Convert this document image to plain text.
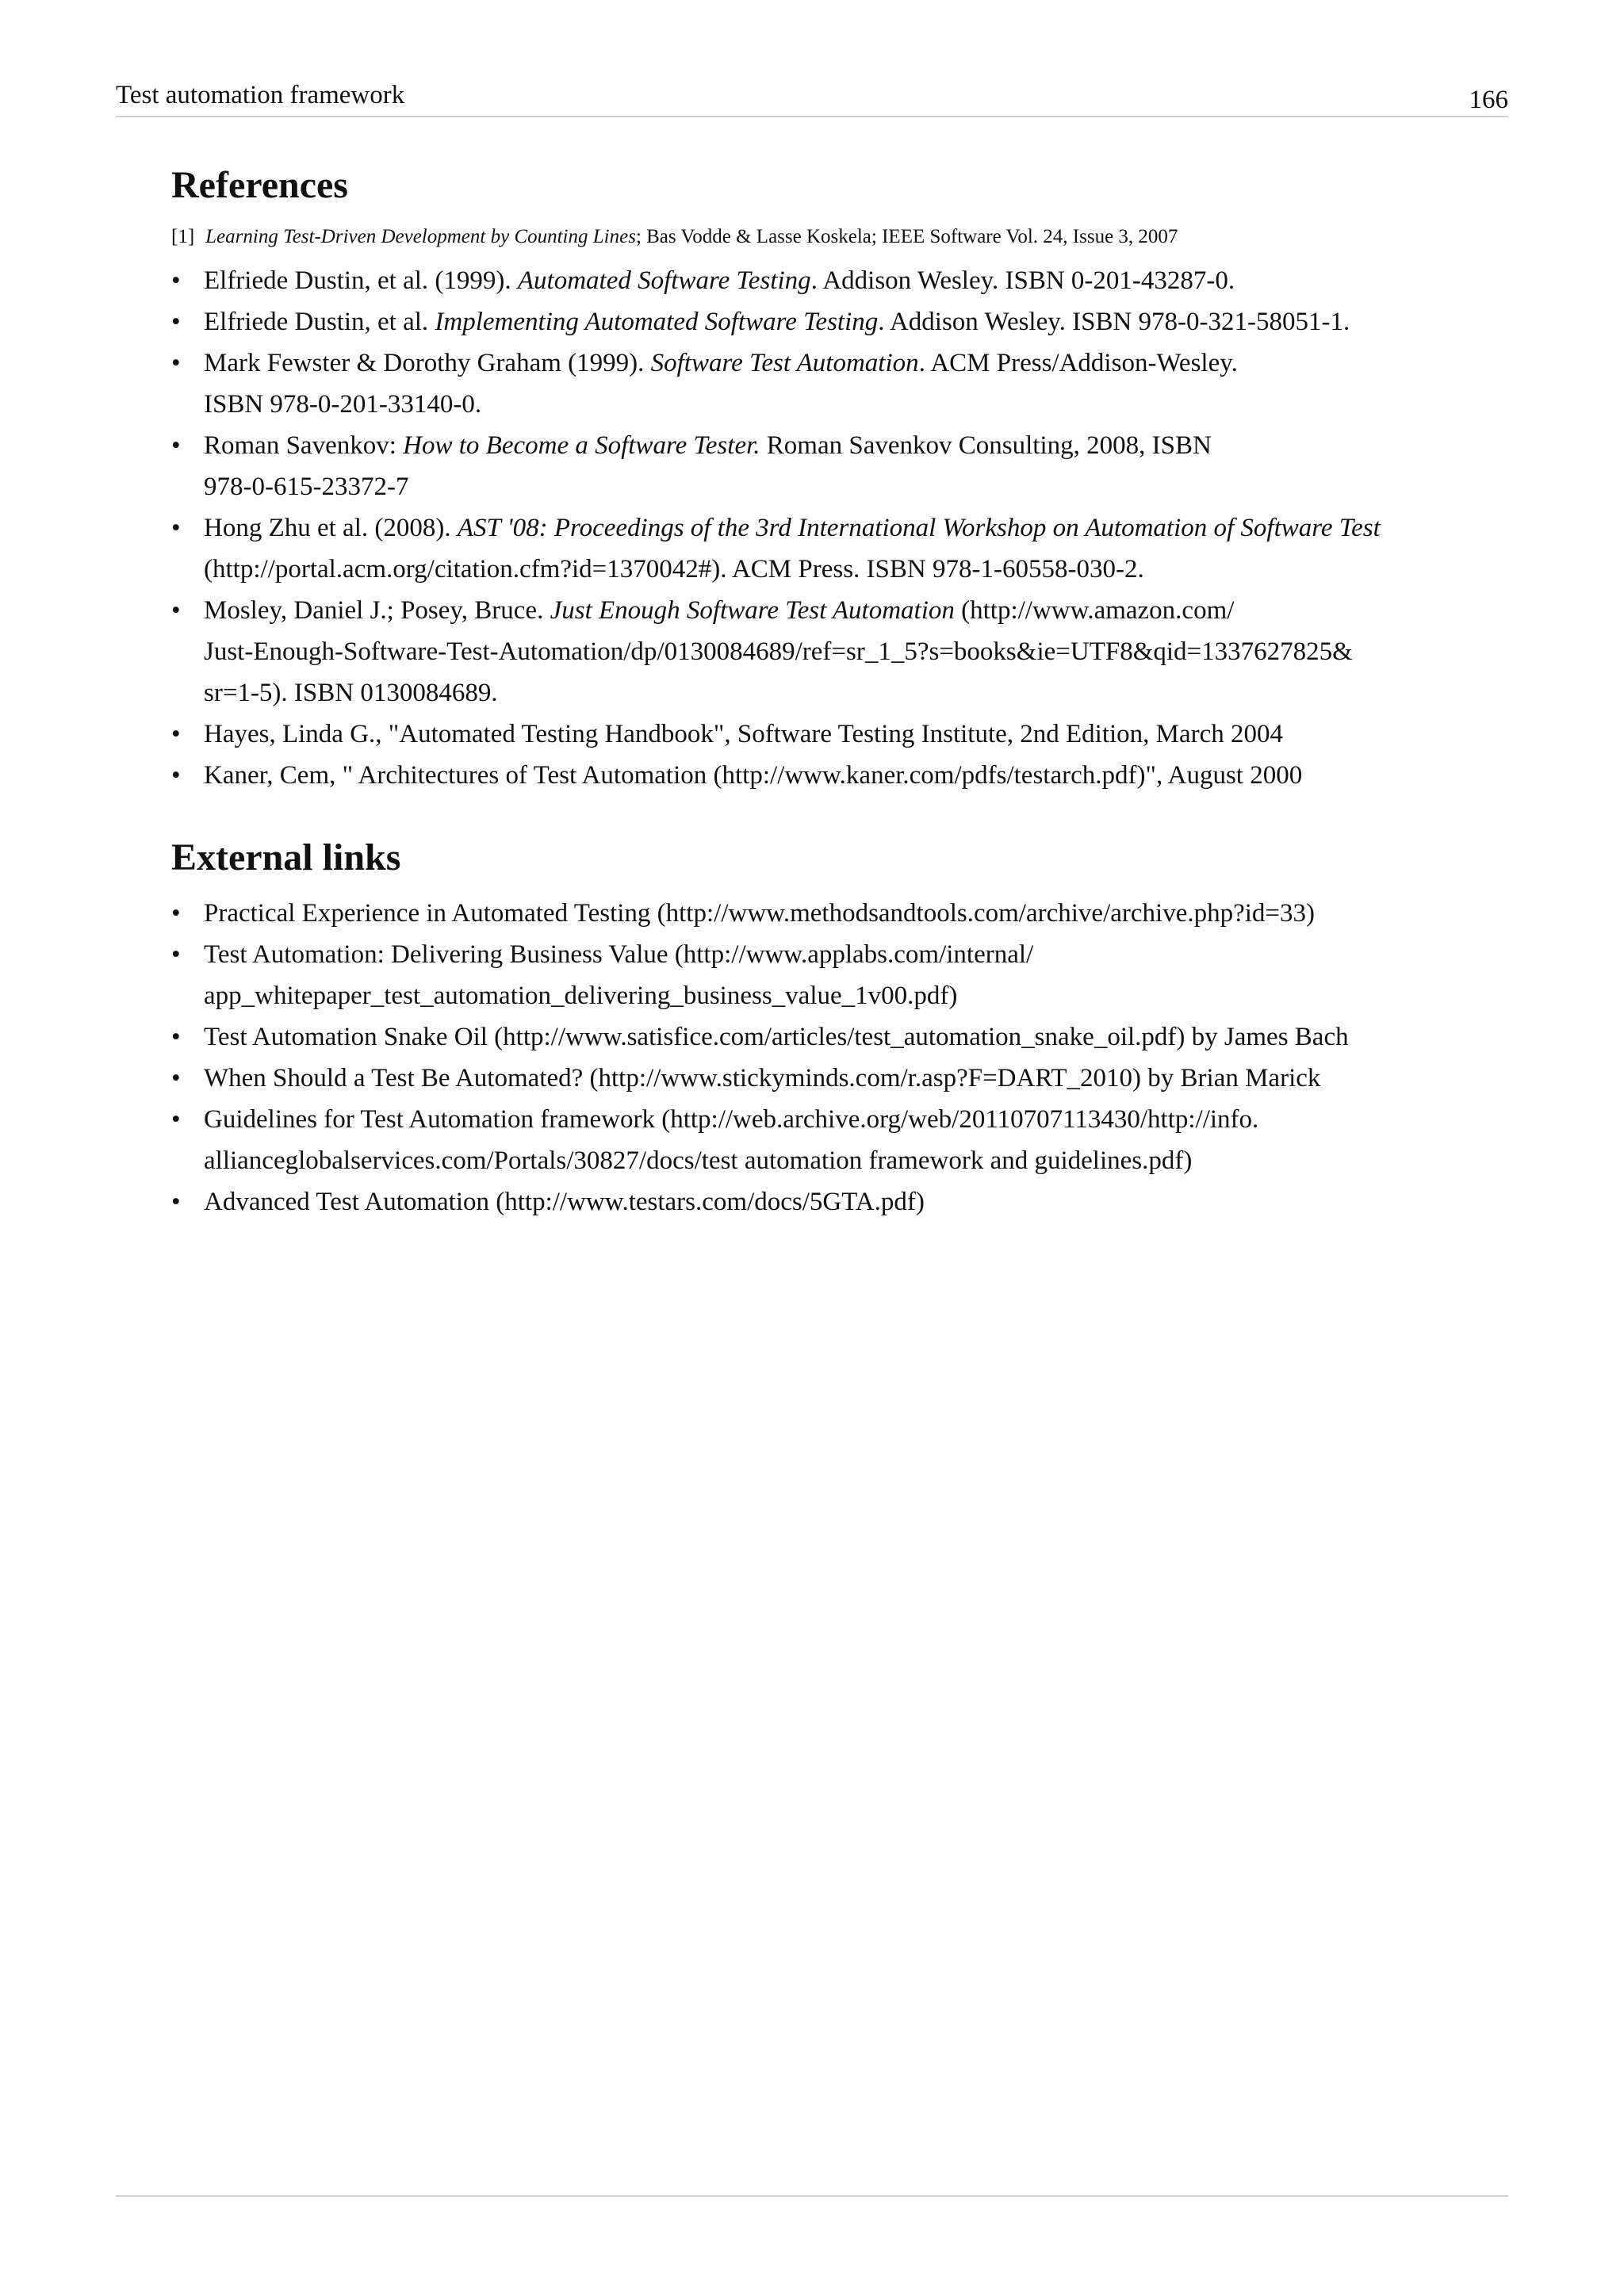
Test automation framework	166
References
[1] Learning Test-Driven Development by Counting Lines; Bas Vodde & Lasse Koskela; IEEE Software Vol. 24, Issue 3, 2007
• Elfriede Dustin, et al. (1999). Automated Software Testing. Addison Wesley. ISBN 0-201-43287-0.
• Elfriede Dustin, et al. Implementing Automated Software Testing. Addison Wesley. ISBN 978-0-321-58051-1.
• Mark Fewster & Dorothy Graham (1999). Software Test Automation. ACM Press/Addison-Wesley.
ISBN 978-0-201-33140-0.
• Roman Savenkov: How to Become a Software Tester. Roman Savenkov Consulting, 2008, ISBN
978-0-615-23372-7
• Hong Zhu et al. (2008). AST '08: Proceedings of the 3rd International Workshop on Automation of Software Test
(http://portal.acm.org/citation.cfm?id=1370042#). ACM Press. ISBN 978-1-60558-030-2.
• Mosley, Daniel J.; Posey, Bruce. Just Enough Software Test Automation (http://www.amazon.com/
Just-Enough-Software-Test-Automation/dp/0130084689/ref=sr_1_5?s=books&ie=UTF8&qid=1337627825&
sr=1-5). ISBN 0130084689.
• Hayes, Linda G., "Automated Testing Handbook", Software Testing Institute, 2nd Edition, March 2004
• Kaner, Cem, " Architectures of Test Automation (http://www.kaner.com/pdfs/testarch.pdf)", August 2000
External links
• Practical Experience in Automated Testing (http://www.methodsandtools.com/archive/archive.php?id=33)
• Test Automation: Delivering Business Value (http://www.applabs.com/internal/
app_whitepaper_test_automation_delivering_business_value_1v00.pdf)
• Test Automation Snake Oil (http://www.satisfice.com/articles/test_automation_snake_oil.pdf) by James Bach
• When Should a Test Be Automated? (http://www.stickyminds.com/r.asp?F=DART_2010) by Brian Marick
• Guidelines for Test Automation framework (http://web.archive.org/web/20110707113430/http://info.
allianceglobalservices.com/Portals/30827/docs/test automation framework and guidelines.pdf)
• Advanced Test Automation (http://www.testars.com/docs/5GTA.pdf)
